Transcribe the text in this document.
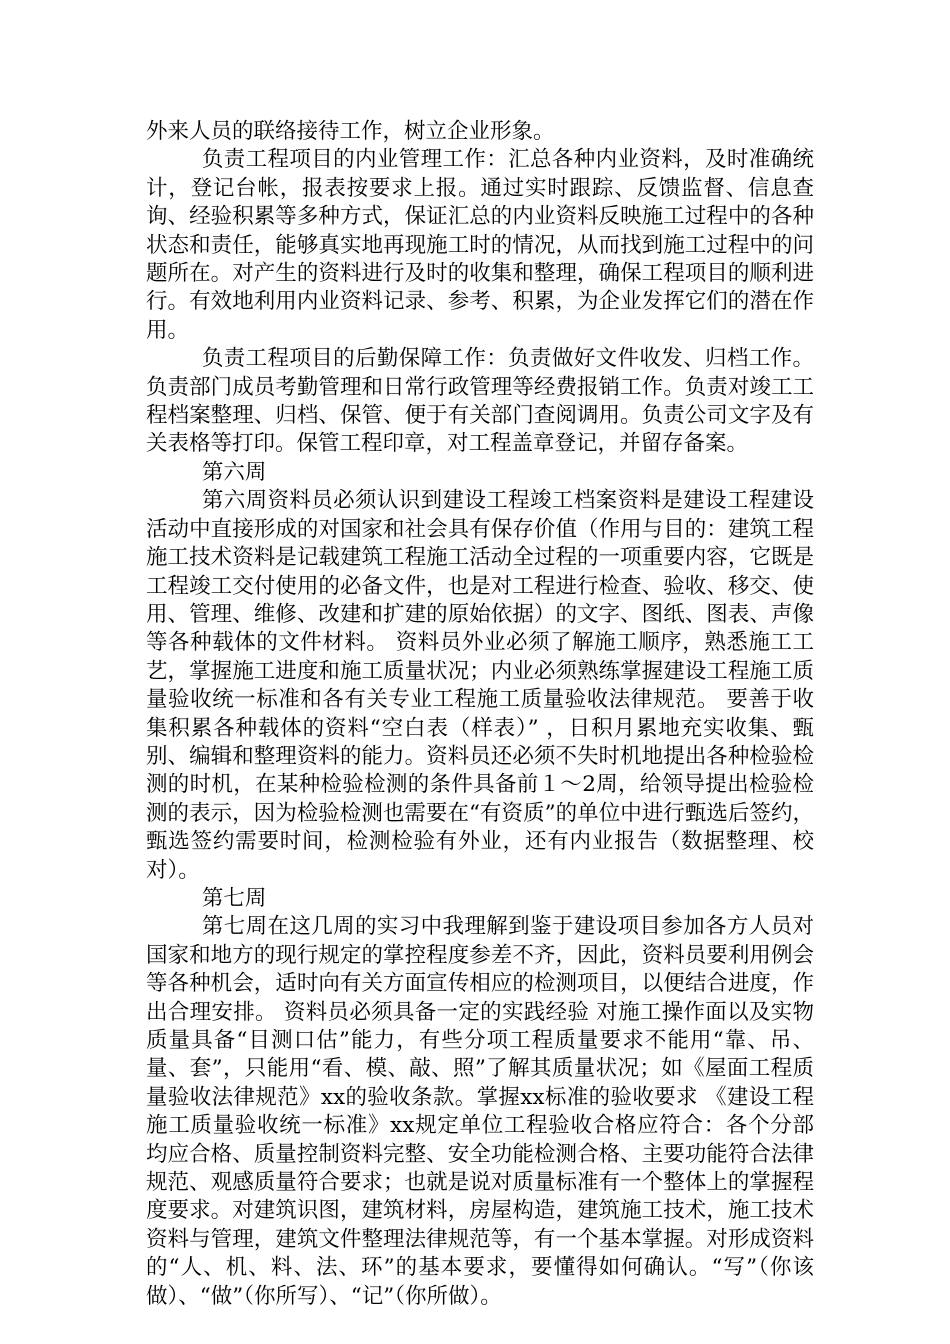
外来人员的联络接待工作，树立企业形象。

负责工程项目的内业管理工作：汇总各种内业资料，及时准确统计，登记台帐，报表按要求上报。通过实时跟踪、反馈监督、信息查询、经验积累等多种方式，保证汇总的内业资料反映施工过程中的各种状态和责任，能够真实地再现施工时的情况，从而找到施工过程中的问题所在。对产生的资料进行及时的收集和整理，确保工程项目的顺利进行。有效地利用内业资料记录、参考、积累，为企业发挥它们的潜在作用。

负责工程项目的后勤保障工作：负责做好文件收发、归档工作。负责部门成员考勤管理和日常行政管理等经费报销工作。负责对竣工工程档案整理、归档、保管、便于有关部门查阅调用。负责公司文字及有关表格等打印。保管工程印章，对工程盖章登记，并留存备案。

第六周

第六周资料员必须认识到建设工程竣工档案资料是建设工程建设活动中直接形成的对国家和社会具有保存价值（作用与目的：建筑工程施工技术资料是记载建筑工程施工活动全过程的一项重要内容，它既是工程竣工交付使用的必备文件，也是对工程进行检查、验收、移交、使用、管理、维修、改建和扩建的原始依据）的文字、图纸、图表、声像等各种载体的文件材料。 资料员外业必须了解施工顺序，熟悉施工工艺，掌握施工进度和施工质量状况；内业必须熟练掌握建设工程施工质量验收统一标准和各有关专业工程施工质量验收法律规范。 要善于收集积累各种载体的资料“空白表（样表）” ，日积月累地充实收集、甄别、编辑和整理资料的能力。资料员还必须不失时机地提出各种检验检测的时机，在某种检验检测的条件具备前１～2周，给领导提出检验检测的表示，因为检验检测也需要在“有资质”的单位中进行甄选后签约，甄选签约需要时间，检测检验有外业，还有内业报告（数据整理、校对）。

第七周

第七周在这几周的实习中我理解到鉴于建设项目参加各方人员对国家和地方的现行规定的掌控程度参差不齐，因此，资料员要利用例会等各种机会，适时向有关方面宣传相应的检测项目，以便结合进度，作出合理安排。 资料员必须具备一定的实践经验 对施工操作面以及实物质量具备“目测口估”能力，有些分项工程质量要求不能用“靠、吊、量、套”，只能用“看、模、敲、照”了解其质量状况；如《屋面工程质量验收法律规范》xx的验收条款。掌握xx标准的验收要求 《建设工程施工质量验收统一标准》xx规定单位工程验收合格应符合：各个分部均应合格、质量控制资料完整、安全功能检测合格、主要功能符合法律规范、观感质量符合要求；也就是说对质量标准有一个整体上的掌握程度要求。对建筑识图，建筑材料，房屋构造，建筑施工技术，施工技术资料与管理，建筑文件整理法律规范等，有一个基本掌握。对形成资料的“人、机、料、法、环”的基本要求，要懂得如何确认。“写”（你该做）、“做”（你所写）、“记”（你所做）。
